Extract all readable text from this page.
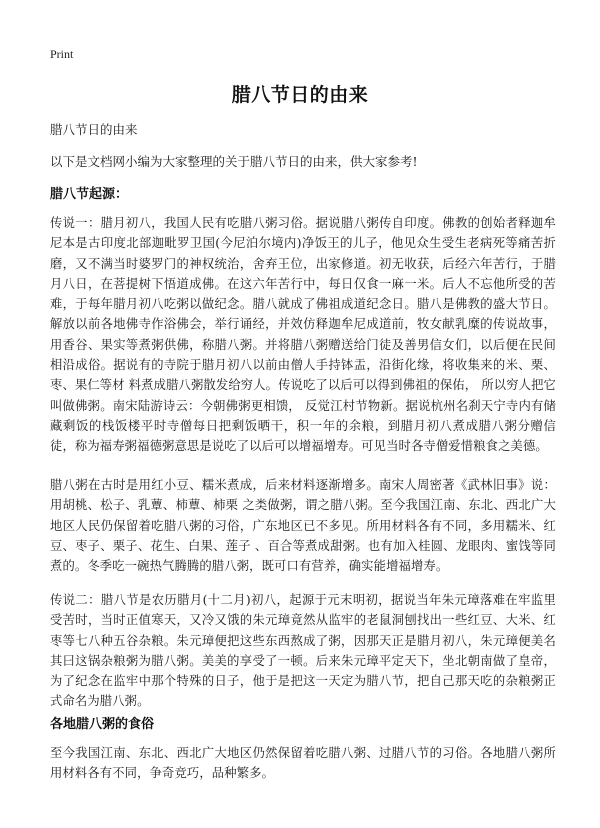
Print
腊八节日的由来
腊八节日的由来
以下是文档网小编为大家整理的关于腊八节日的由来，供大家参考!
腊八节起源：
传说一：腊月初八，我国人民有吃腊八粥习俗。据说腊八粥传自印度。佛教的创始者释迦牟尼本是古印度北部迦毗罗卫国(今尼泊尔境内)净饭王的儿子，他见众生受生老病死等痛苦折磨，又不满当时婆罗门的神权统治，舍弃王位，出家修道。初无收获，后经六年苦行，于腊月八日，在菩提树下悟道成佛。在这六年苦行中，每日仅食一麻一米。后人不忘他所受的苦难，于每年腊月初八吃粥以做纪念。腊八就成了佛祖成道纪念日。腊八是佛教的盛大节日。解放以前各地佛寺作浴佛会，举行诵经，并效仿释迦牟尼成道前，牧女献乳糜的传说故事，用香谷、果实等煮粥供佛，称腊八粥。并将腊八粥赠送给门徒及善男信女们，以后便在民间相沿成俗。据说有的寺院于腊月初八以前由僧人手持钵盂，沿街化缘，将收集来的米、栗、枣、果仁等材 料煮成腊八粥散发给穷人。传说吃了以后可以得到佛祖的保佑， 所以穷人把它叫做佛粥。南宋陆游诗云：今朝佛粥更相馈， 反觉江村节物新。据说杭州名刹天宁寺内有储藏剩饭的栈饭楼平时寺僧每日把剩饭晒干，积一年的余粮，到腊月初八煮成腊八粥分赠信徒，称为福寿粥福德粥意思是说吃了以后可以增福增寿。可见当时各寺僧爱惜粮食之美德。
腊八粥在古时是用红小豆、糯米煮成，后来材料逐渐增多。南宋人周密著《武林旧事》说：用胡桃、松子、乳蕈、柿蕈、柿栗 之类做粥，谓之腊八粥。至今我国江南、东北、西北广大 地区人民仍保留着吃腊八粥的习俗，广东地区已不多见。所用材料各有不同，多用糯米、红豆、枣子、栗子、花生、白果、莲子 、百合等煮成甜粥。也有加入桂圆、龙眼肉、蜜饯等同煮的。冬季吃一碗热气腾腾的腊八粥，既可口有营养，确实能增福增寿。
传说二：腊八节是农历腊月(十二月)初八，起源于元末明初，据说当年朱元璋落难在牢监里受苦时，当时正值寒天，又冷又饿的朱元璋竟然从监牢的老鼠洞刨找出一些红豆、大米、红枣等七八种五谷杂粮。朱元璋便把这些东西熬成了粥，因那天正是腊月初八，朱元璋便美名其曰这锅杂粮粥为腊八粥。美美的享受了一顿。后来朱元璋平定天下，坐北朝南做了皇帝，为了纪念在监牢中那个特殊的日子，他于是把这一天定为腊八节，把自己那天吃的杂粮粥正式命名为腊八粥。
各地腊八粥的食俗
至今我国江南、东北、西北广大地区仍然保留着吃腊八粥、过腊八节的习俗。各地腊八粥所用材料各有不同，争奇竞巧，品种繁多。
